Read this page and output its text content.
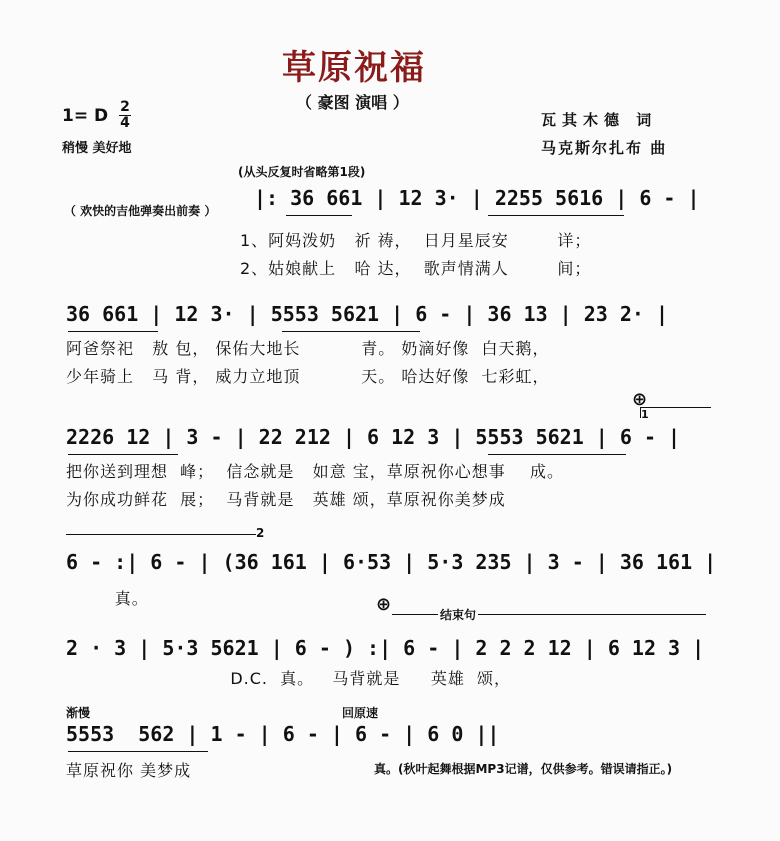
草原祝福
（ 豪图 演唱 ）
1= D 2
4
稍慢 美好地
瓦其木德 词
马克斯尔扎布 曲
(从头反复时省略第1段)
（ 欢快的吉他弹奏出前奏 ）
|: 36 661 | 12 3· | 2255 5616 | 6 - |
1、阿妈泼奶   祈 祷，  日月星辰安        详；
2、姑娘献上   哈 达，  歌声情满人        间；
36 661 | 12 3· | 5553 5621 | 6 - | 36 13 | 23 2· |
阿爸祭祀   敖 包， 保佑大地长          青。 奶滴好像  白天鹅，
少年骑上   马 背， 威力立地顶          天。 哈达好像  七彩虹，
⊕
1
2226 12 | 3 - | 22 212 | 6 12 3 | 5553 5621 | 6 - |
把你送到理想  峰；  信念就是   如意 宝，草原祝你心想事    成。
为你成功鲜花  展；  马背就是   英雄 颂，草原祝你美梦成
2
6 - :| 6 - | (36 161 | 6·53 | 5·3 235 | 3 - | 36 161 |
真。	⊕	结束句
2 · 3 | 5·3 5621 | 6 - ) :| 6 - | 2 2 2 12 | 6 12 3 |
D.C.  真。   马背就是     英雄  颂，
渐慢	回原速
5553  562 | 1 - | 6 - | 6 - | 6 0 ||
草原祝你 美梦成	真。(秋叶起舞根据MP3记谱，仅供参考。错误请指正。)
